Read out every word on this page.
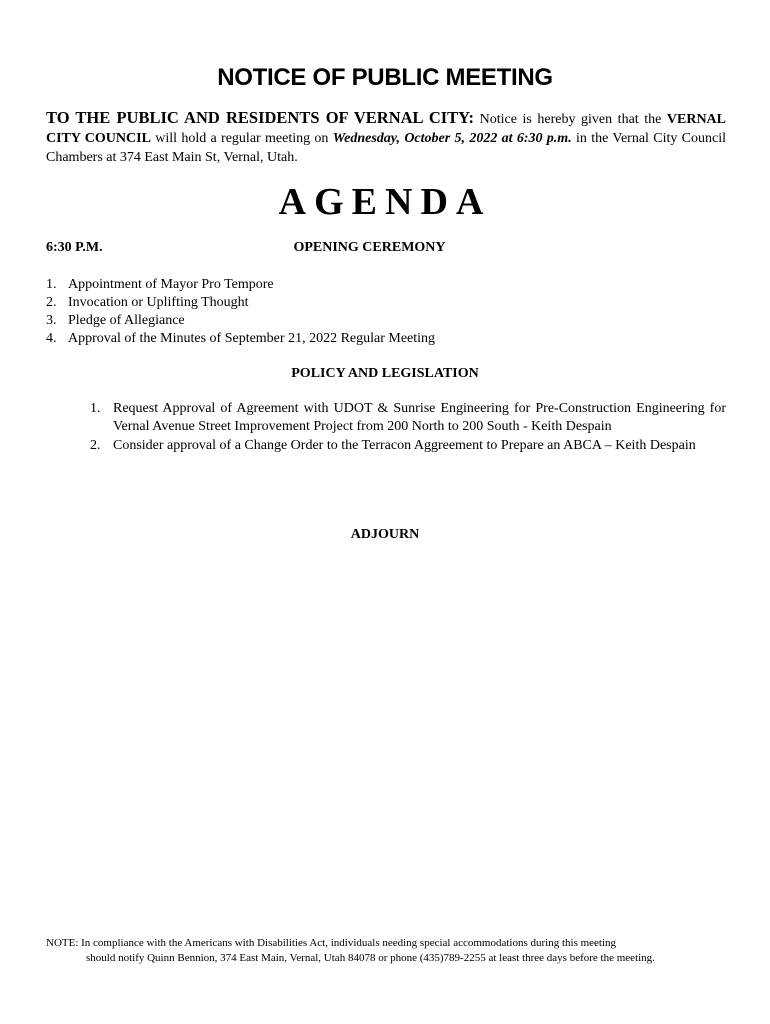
NOTICE OF PUBLIC MEETING
TO THE PUBLIC AND RESIDENTS OF VERNAL CITY: Notice is hereby given that the VERNAL CITY COUNCIL will hold a regular meeting on Wednesday, October 5, 2022 at 6:30 p.m. in the Vernal City Council Chambers at 374 East Main St, Vernal, Utah.
AGENDA
6:30 P.M.	OPENING CEREMONY
1. Appointment of Mayor Pro Tempore
2. Invocation or Uplifting Thought
3. Pledge of Allegiance
4. Approval of the Minutes of September 21, 2022 Regular Meeting
POLICY AND LEGISLATION
1. Request Approval of Agreement with UDOT & Sunrise Engineering for Pre-Construction Engineering for Vernal Avenue Street Improvement Project from 200 North to 200 South - Keith Despain
2. Consider approval of a Change Order to the Terracon Aggreement to Prepare an ABCA – Keith Despain
ADJOURN
NOTE: In compliance with the Americans with Disabilities Act, individuals needing special accommodations during this meeting
should notify Quinn Bennion, 374 East Main, Vernal, Utah 84078 or phone (435)789-2255 at least three days before the meeting.
